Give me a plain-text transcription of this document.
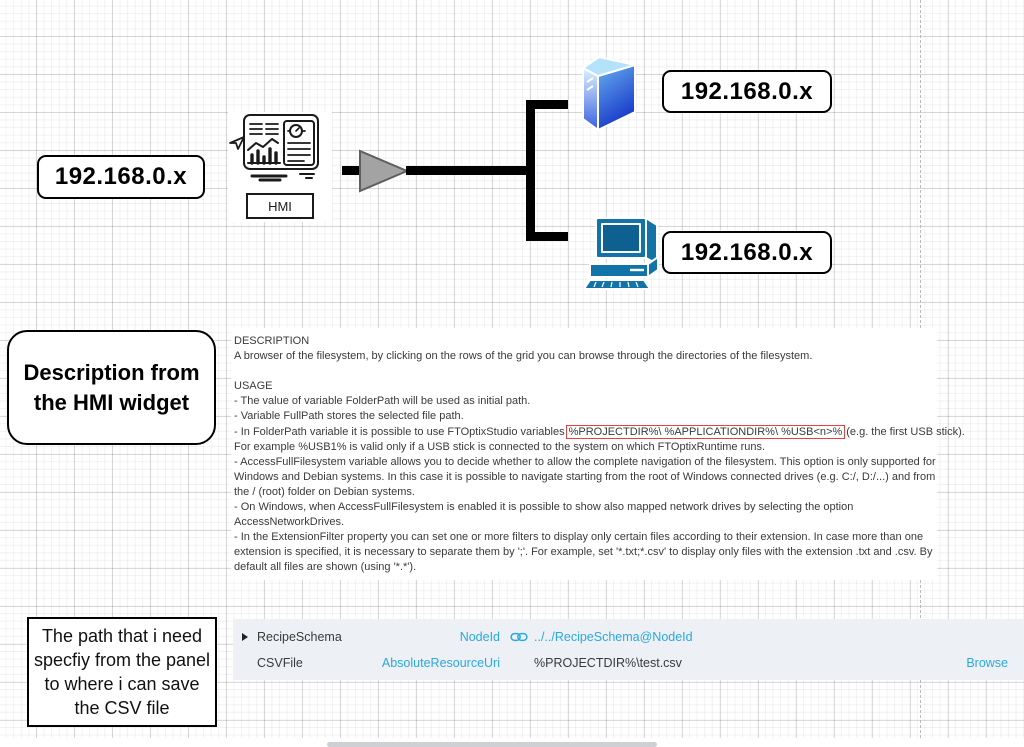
192.168.0.x
HMI
192.168.0.x
192.168.0.x
Description from
the HMI widget
DESCRIPTION
A browser of the filesystem, by clicking on the rows of the grid you can browse through the directories of the filesystem.
USAGE
- The value of variable FolderPath will be used as initial path.
- Variable FullPath stores the selected file path.
- In FolderPath variable it is possible to use FTOptixStudio variables %PROJECTDIR%\ %APPLICATIONDIR%\ %USB<n>% (e.g. the first USB stick).
For example %USB1% is valid only if a USB stick is connected to the system on which FTOptixRuntime runs.
- AccessFullFilesystem variable allows you to decide whether to allow the complete navigation of the filesystem. This option is only supported for
Windows and Debian systems. In this case it is possible to navigate starting from the root of Windows connected drives (e.g. C:/, D:/...) and from
the / (root) folder on Debian systems.
- On Windows, when AccessFullFilesystem is enabled it is possible to show also mapped network drives by selecting the option
AccessNetworkDrives.
- In the ExtensionFilter property you can set one or more filters to display only certain files according to their extension. In case more than one
extension is specified, it is necessary to separate them by ';'. For example, set '*.txt;*.csv' to display only files with the extension .txt and .csv. By
default all files are shown (using '*.*').
The path that i need
specfiy from the panel
to where i can save
the CSV file
RecipeSchema	NodeId	../../RecipeSchema@NodeId
CSVFile	AbsoluteResourceUri	%PROJECTDIR%\test.csv	Browse
